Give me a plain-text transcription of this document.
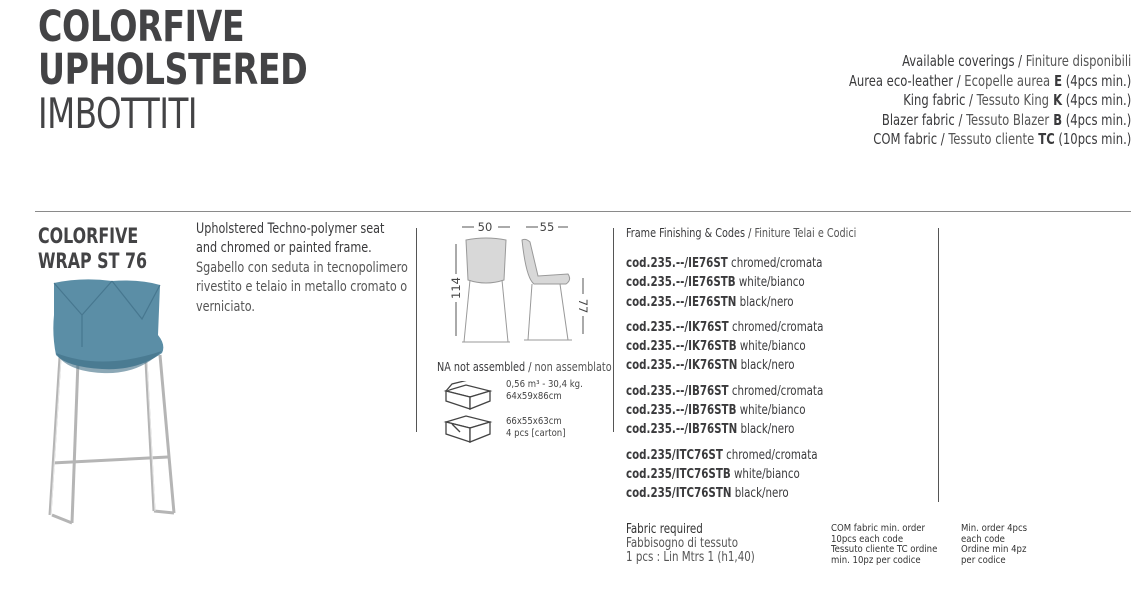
COLORFIVE
UPHOLSTERED
IMBOTTITI
Available coverings / Finiture disponibili
Aurea eco-leather / Ecopelle aurea E (4pcs min.)
King fabric / Tessuto King K (4pcs min.)
Blazer fabric / Tessuto Blazer B (4pcs min.)
COM fabric / Tessuto cliente TC (10pcs min.)
COLORFIVE
WRAP ST 76
Upholstered Techno-polymer seat
and chromed or painted frame.
Sgabello con seduta in tecnopolimero
rivestito e telaio in metallo cromato o
verniciato.
50	55
114
77
NA not assembled / non assemblato
0,56 m³ - 30,4 kg.
64x59x86cm
66x55x63cm
4 pcs [carton]
Frame Finishing & Codes / Finiture Telai e Codici
cod.235.--/IE76ST chromed/cromata
cod.235.--/IE76STB white/bianco
cod.235.--/IE76STN black/nero
cod.235.--/IK76ST chromed/cromata
cod.235.--/IK76STB white/bianco
cod.235.--/IK76STN black/nero
cod.235.--/IB76ST chromed/cromata
cod.235.--/IB76STB white/bianco
cod.235.--/IB76STN black/nero
cod.235/ITC76ST chromed/cromata
cod.235/ITC76STB white/bianco
cod.235/ITC76STN black/nero
Fabric required
Fabbisogno di tessuto
1 pcs : Lin Mtrs 1 (h1,40)
COM fabric min. order
10pcs each code
Tessuto cliente TC ordine
min. 10pz per codice
Min. order 4pcs
each code
Ordine min 4pz
per codice
